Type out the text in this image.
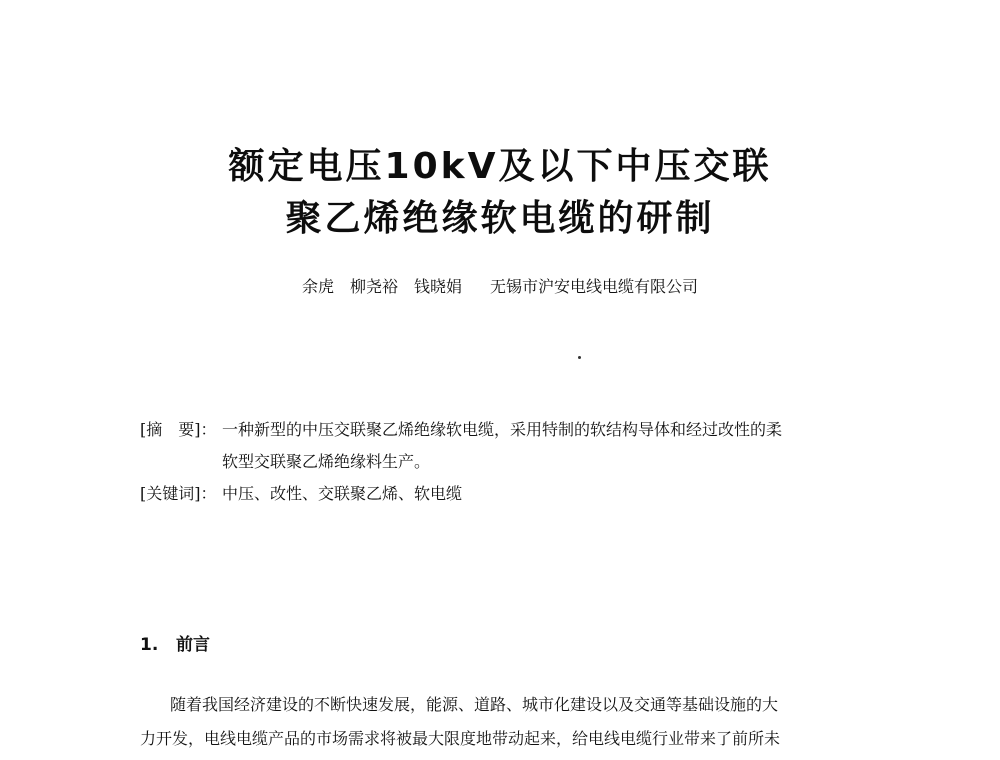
额定电压10kV及以下中压交联
聚乙烯绝缘软电缆的研制
余虎 柳尧裕 钱晓娟 无锡市沪安电线电缆有限公司
[摘　要]： 一种新型的中压交联聚乙烯绝缘软电缆，采用特制的软结构导体和经过改性的柔
软型交联聚乙烯绝缘料生产。
[关键词]： 中压、改性、交联聚乙烯、软电缆
1. 前言
随着我国经济建设的不断快速发展，能源、道路、城市化建设以及交通等基础设施的大
力开发，电线电缆产品的市场需求将被最大限度地带动起来，给电线电缆行业带来了前所未
